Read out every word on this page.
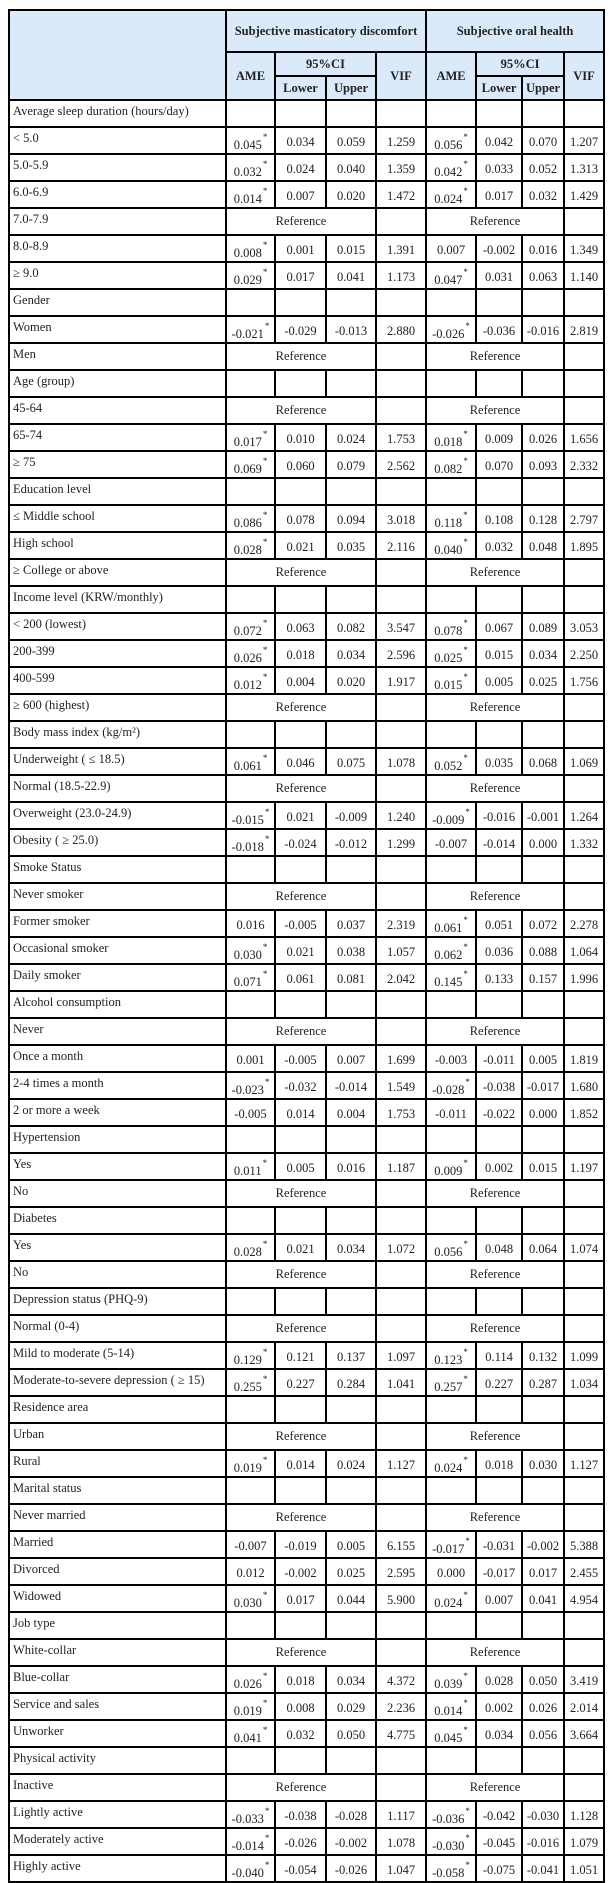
	Subjective masticatory discomfort				Subjective oral health			
	AME	95%CI		VIF	AME	95%CI		VIF
		Lower	Upper			Lower	Upper	
Average sleep duration (hours/day)								
< 5.0	0.045*	0.034	0.059	1.259	0.056*	0.042	0.070	1.207
5.0-5.9	0.032*	0.024	0.040	1.359	0.042*	0.033	0.052	1.313
6.0-6.9	0.014*	0.007	0.020	1.472	0.024*	0.017	0.032	1.429
7.0-7.9	Reference				Reference			
8.0-8.9	0.008*	0.001	0.015	1.391	0.007	-0.002	0.016	1.349
≥ 9.0	0.029*	0.017	0.041	1.173	0.047*	0.031	0.063	1.140
Gender								
Women	-0.021*	-0.029	-0.013	2.880	-0.026*	-0.036	-0.016	2.819
Men	Reference				Reference			
Age (group)								
45-64	Reference				Reference			
65-74	0.017*	0.010	0.024	1.753	0.018*	0.009	0.026	1.656
≥ 75	0.069*	0.060	0.079	2.562	0.082*	0.070	0.093	2.332
Education level								
≤ Middle school	0.086*	0.078	0.094	3.018	0.118*	0.108	0.128	2.797
High school	0.028*	0.021	0.035	2.116	0.040*	0.032	0.048	1.895
≥ College or above	Reference				Reference			
Income level (KRW/monthly)								
< 200 (lowest)	0.072*	0.063	0.082	3.547	0.078*	0.067	0.089	3.053
200-399	0.026*	0.018	0.034	2.596	0.025*	0.015	0.034	2.250
400-599	0.012*	0.004	0.020	1.917	0.015*	0.005	0.025	1.756
≥ 600 (highest)	Reference				Reference			
Body mass index (kg/m²)								
Underweight ( ≤ 18.5)	0.061*	0.046	0.075	1.078	0.052*	0.035	0.068	1.069
Normal (18.5-22.9)	Reference				Reference			
Overweight (23.0-24.9)	-0.015*	0.021	-0.009	1.240	-0.009*	-0.016	-0.001	1.264
Obesity ( ≥ 25.0)	-0.018*	-0.024	-0.012	1.299	-0.007	-0.014	0.000	1.332
Smoke Status								
Never smoker	Reference				Reference			
Former smoker	0.016	-0.005	0.037	2.319	0.061*	0.051	0.072	2.278
Occasional smoker	0.030*	0.021	0.038	1.057	0.062*	0.036	0.088	1.064
Daily smoker	0.071*	0.061	0.081	2.042	0.145*	0.133	0.157	1.996
Alcohol consumption								
Never	Reference				Reference			
Once a month	0.001	-0.005	0.007	1.699	-0.003	-0.011	0.005	1.819
2-4 times a month	-0.023*	-0.032	-0.014	1.549	-0.028*	-0.038	-0.017	1.680
2 or more a week	-0.005	0.014	0.004	1.753	-0.011	-0.022	0.000	1.852
Hypertension								
Yes	0.011*	0.005	0.016	1.187	0.009*	0.002	0.015	1.197
No	Reference				Reference			
Diabetes								
Yes	0.028*	0.021	0.034	1.072	0.056*	0.048	0.064	1.074
No	Reference				Reference			
Depression status (PHQ-9)								
Normal (0-4)	Reference				Reference			
Mild to moderate (5-14)	0.129*	0.121	0.137	1.097	0.123*	0.114	0.132	1.099
Moderate-to-severe depression ( ≥ 15)	0.255*	0.227	0.284	1.041	0.257*	0.227	0.287	1.034
Residence area								
Urban	Reference				Reference			
Rural	0.019*	0.014	0.024	1.127	0.024*	0.018	0.030	1.127
Marital status								
Never married	Reference				Reference			
Married	-0.007	-0.019	0.005	6.155	-0.017*	-0.031	-0.002	5.388
Divorced	0.012	-0.002	0.025	2.595	0.000	-0.017	0.017	2.455
Widowed	0.030*	0.017	0.044	5.900	0.024*	0.007	0.041	4.954
Job type								
White-collar	Reference				Reference			
Blue-collar	0.026*	0.018	0.034	4.372	0.039*	0.028	0.050	3.419
Service and sales	0.019*	0.008	0.029	2.236	0.014*	0.002	0.026	2.014
Unworker	0.041*	0.032	0.050	4.775	0.045*	0.034	0.056	3.664
Physical activity								
Inactive	Reference				Reference			
Lightly active	-0.033*	-0.038	-0.028	1.117	-0.036*	-0.042	-0.030	1.128
Moderately active	-0.014*	-0.026	-0.002	1.078	-0.030*	-0.045	-0.016	1.079
Highly active	-0.040*	-0.054	-0.026	1.047	-0.058*	-0.075	-0.041	1.051
